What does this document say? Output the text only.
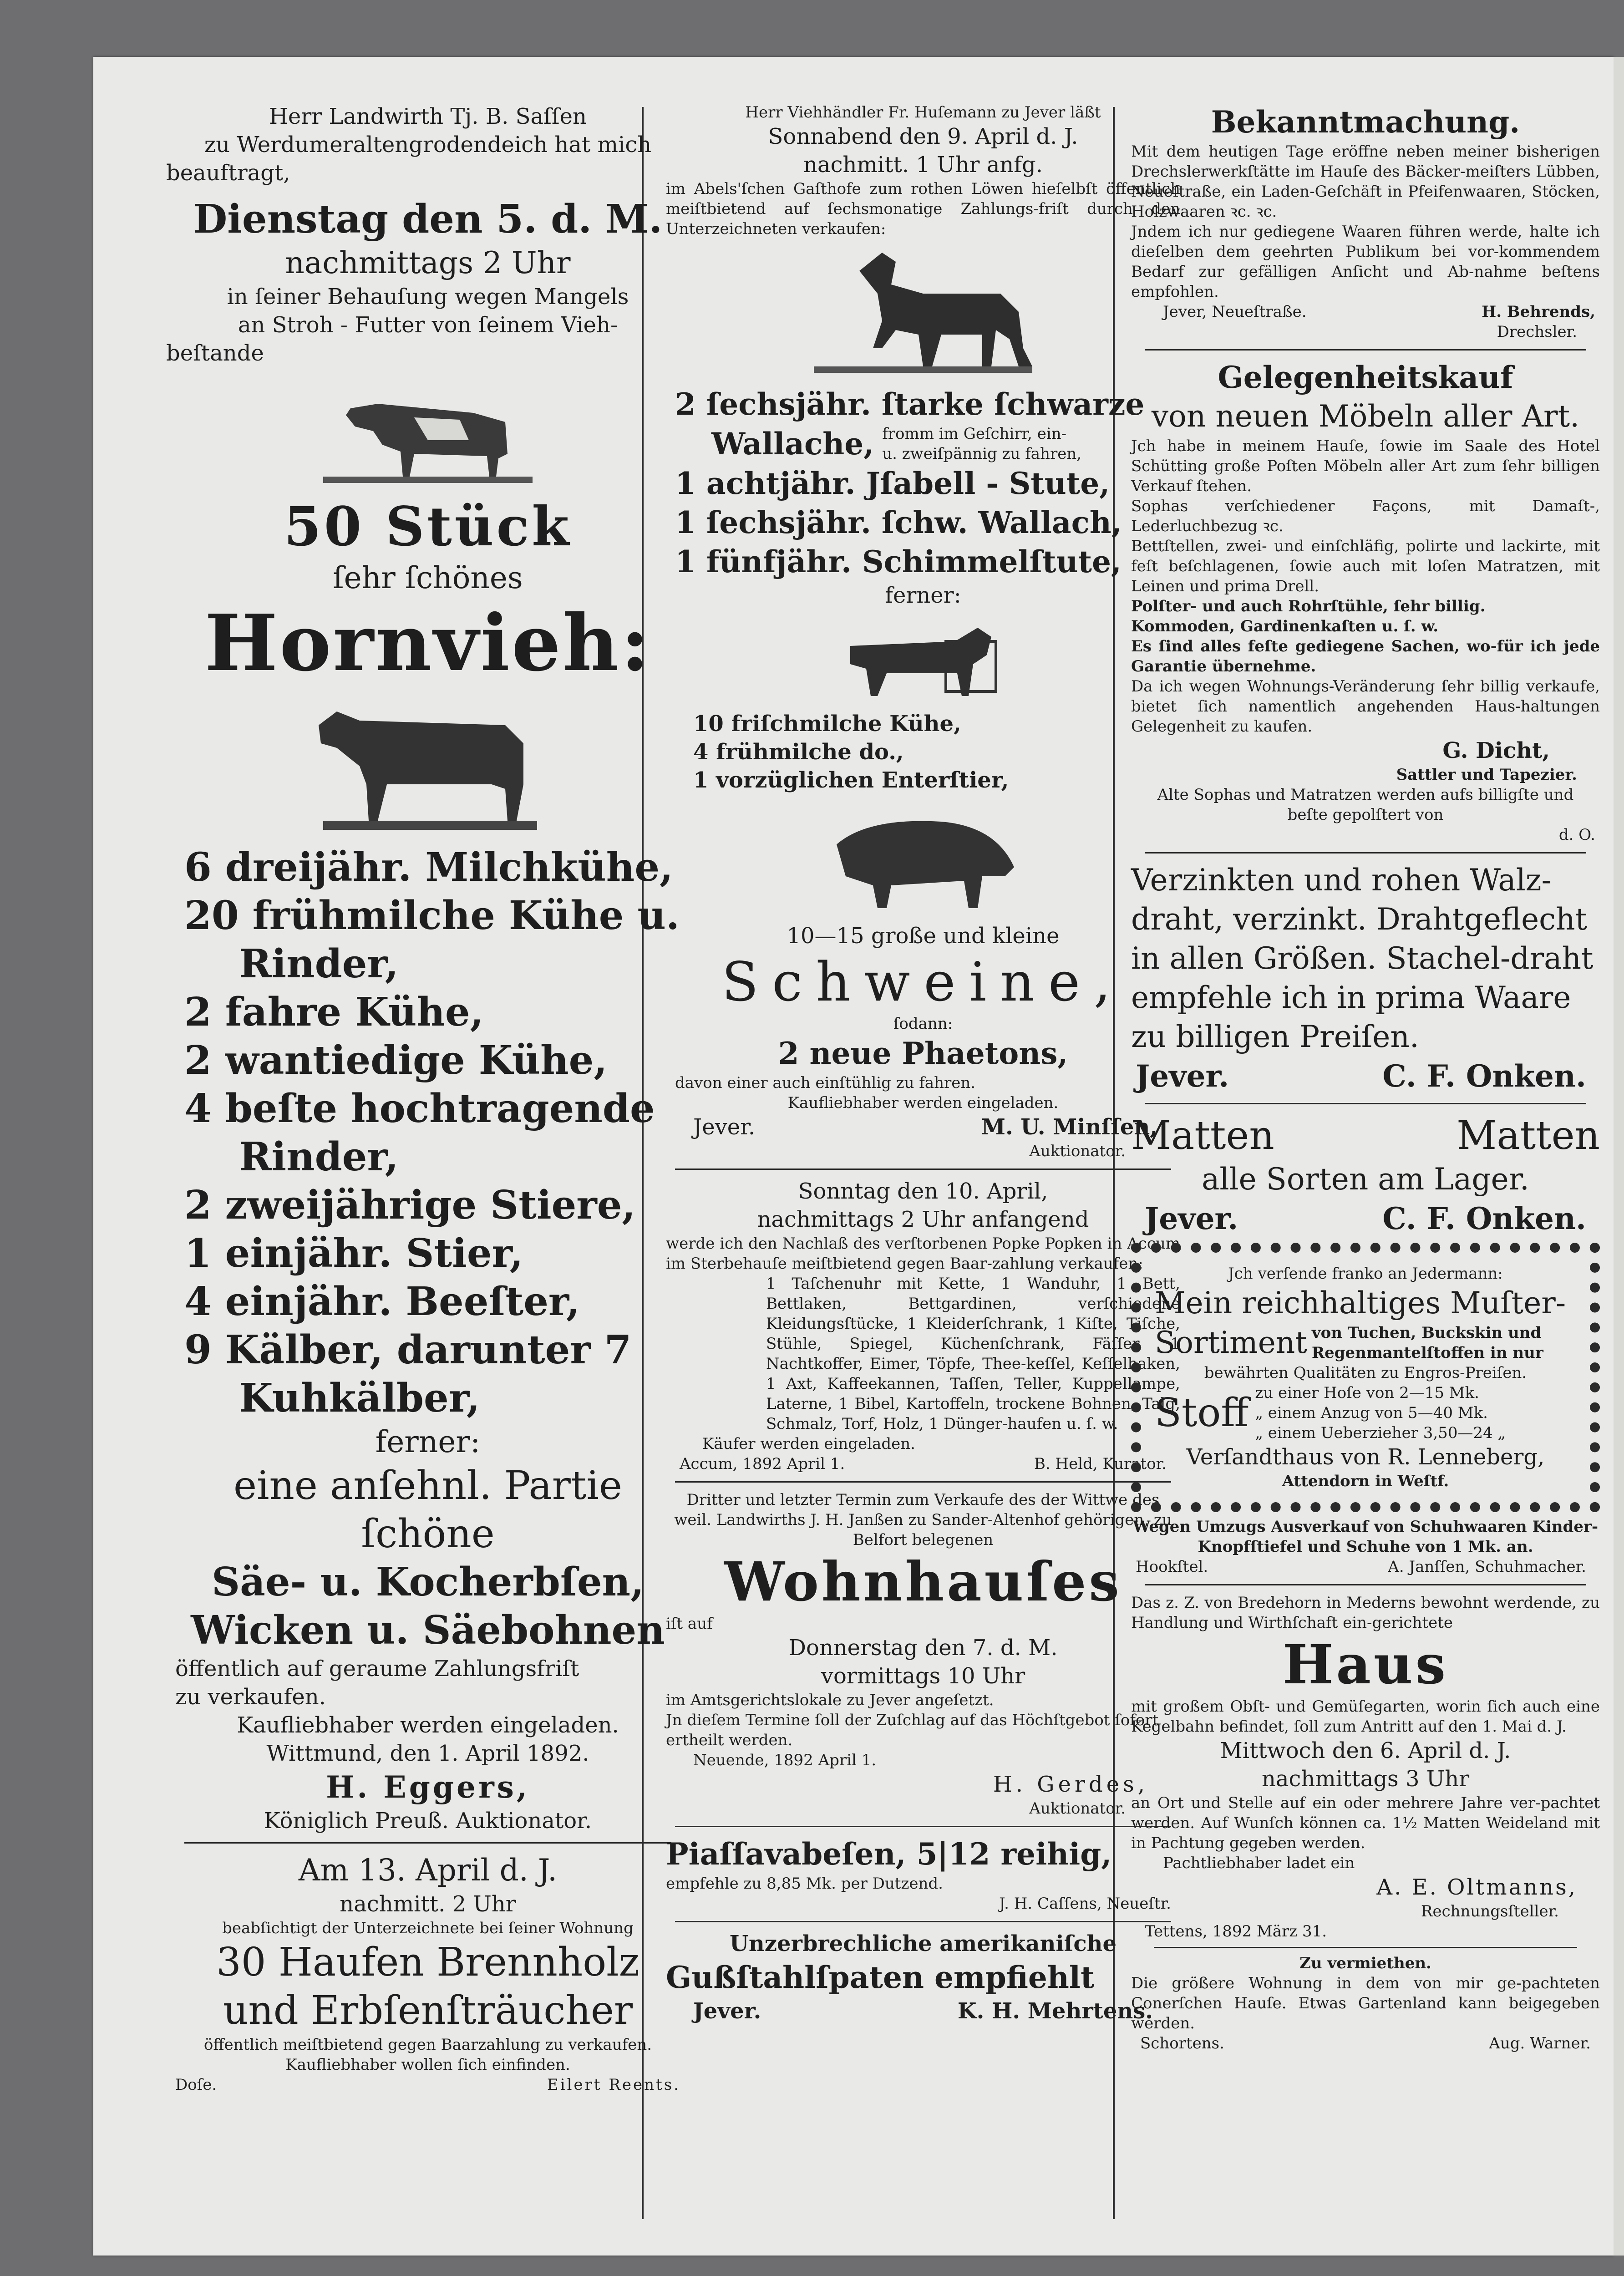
Herr Landwirth Tj. B. Saſſen

zu Werdumeraltengrodendeich hat mich

beauftragt,

Dienstag den 5. d. M.

nachmittags 2 Uhr

in ſeiner Behauſung wegen Mangels

an Stroh - Futter von ſeinem Vieh-

beſtande

50 Stück

ſehr ſchönes

Hornvieh:

6 dreijähr. Milchkühe,

20 frühmilche Kühe u.

Rinder,

2 fahre Kühe,

2 wantiedige Kühe,

4 beſte hochtragende

Rinder,

2 zweijährige Stiere,

1 einjähr. Stier,

4 einjähr. Beeſter,

9 Kälber, darunter 7

Kuhkälber,

ferner:

eine anſehnl. Partie ſchöne

Säe- u. Kocherbſen,

Wicken u. Säebohnen

öffentlich auf geraume Zahlungsfriſt

zu verkaufen.

Kaufliebhaber werden eingeladen.

Wittmund, den 1. April 1892.

H. Eggers,

Königlich Preuß. Auktionator.

Am 13. April d. J.

nachmitt. 2 Uhr

beabſichtigt der Unterzeichnete bei ſeiner Wohnung

30 Haufen Brennholz

und Erbſenſträucher

öffentlich meiſtbietend gegen Baarzahlung zu verkaufen.

Kaufliebhaber wollen ſich einfinden.

Doſe.	Eilert Reents.

Herr Viehhändler Fr. Huſemann zu Jever läßt

Sonnabend den 9. April d. J.

nachmitt. 1 Uhr anfg.

im Abels'ſchen Gaſthofe zum rothen Löwen hieſelbſt öffentlich meiſtbietend auf ſechsmonatige Zahlungs-friſt durch den Unterzeichneten verkaufen:

2 ſechsjähr. ſtarke ſchwarze

Wallache, fromm im Geſchirr, ein-

u. zweiſpännig zu fahren,

1 achtjähr. Jſabell - Stute,

1 ſechsjähr. ſchw. Wallach,

1 fünfjähr. Schimmelſtute,

ferner:

10 friſchmilche Kühe,

4 frühmilche do.,

1 vorzüglichen Enterſtier,

10—15 große und kleine

Schweine,

ſodann:

2 neue Phaetons,

davon einer auch einſtühlig zu fahren.

Kaufliebhaber werden eingeladen.

Jever.	M. U. Minſſen,

Auktionator.

Sonntag den 10. April,

nachmittags 2 Uhr anfangend

werde ich den Nachlaß des verſtorbenen Popke Popken in Accum im Sterbehauſe meiſtbietend gegen Baar-zahlung verkaufen:

1 Taſchenuhr mit Kette, 1 Wanduhr, 1 Bett, Bettlaken, Bettgardinen, verſchiedene Kleidungsſtücke, 1 Kleiderſchrank, 1 Kiſte, Tiſche, Stühle, Spiegel, Küchenſchrank, Fäſſer, 1 Nachtkoffer, Eimer, Töpfe, Thee-keſſel, Keſſelhaken, 1 Axt, Kaffeekannen, Taſſen, Teller, Kuppellampe, Laterne, 1 Bibel, Kartoffeln, trockene Bohnen, Talg, Schmalz, Torf, Holz, 1 Dünger-haufen u. ſ. w.

Käufer werden eingeladen.

Accum, 1892 April 1.	B. Held, Kurator.

Dritter und letzter Termin zum Verkaufe des der Wittwe des weil. Landwirths J. H. Janßen zu Sander-Altenhof gehörigen, zu Belfort belegenen

Wohnhauſes

iſt auf

Donnerstag den 7. d. M.

vormittags 10 Uhr

im Amtsgerichtslokale zu Jever angeſetzt.

Jn dieſem Termine ſoll der Zuſchlag auf das Höchſtgebot ſofort ertheilt werden.

Neuende, 1892 April 1.

H. Gerdes,

Auktionator.

Piaſſavabeſen, 5|12 reihig,

empfehle zu 8,85 Mk. per Dutzend.

J. H. Caſſens, Neueſtr.

Unzerbrechliche amerikaniſche

Gußſtahlſpaten empfiehlt

Jever.	K. H. Mehrtens.

Bekanntmachung.

Mit dem heutigen Tage eröffne neben meiner bisherigen Drechslerwerkſtätte im Hauſe des Bäcker-meiſters Lübben, Neueſtraße, ein Laden-Geſchäft in Pfeifenwaaren, Stöcken, Holzwaaren ꝛc. ꝛc.

Jndem ich nur gediegene Waaren führen werde, halte ich dieſelben dem geehrten Publikum bei vor-kommendem Bedarf zur gefälligen Anſicht und Ab-nahme beſtens empfohlen.

Jever, Neueſtraße.	H. Behrends,

Drechsler.

Gelegenheitskauf

von neuen Möbeln aller Art.

Jch habe in meinem Hauſe, ſowie im Saale des Hotel Schütting große Poſten Möbeln aller Art zum ſehr billigen Verkauf ſtehen.

Sophas verſchiedener Façons, mit Damaſt-, Lederluchbezug ꝛc.

Bettſtellen, zwei- und einſchläfig, polirte und lackirte, mit feſt beſchlagenen, ſowie auch mit loſen Matratzen, mit Leinen und prima Drell.

Polſter- und auch Rohrſtühle, ſehr billig.

Kommoden, Gardinenkaſten u. ſ. w.

Es ſind alles feſte gediegene Sachen, wo-für ich jede Garantie übernehme.

Da ich wegen Wohnungs-Veränderung ſehr billig verkaufe, bietet ſich namentlich angehenden Haus-haltungen Gelegenheit zu kaufen.

G. Dicht,

Sattler und Tapezier.

Alte Sophas und Matratzen werden aufs billigſte und beſte gepolſtert von

d. O.

Verzinkten und rohen Walz-draht, verzinkt. Drahtgeflecht in allen Größen. Stachel-draht empfehle ich in prima Waare zu billigen Preiſen.

Jever.	C. F. Onken.
Matten	Matten

alle Sorten am Lager.

Jever.	C. F. Onken.

Jch verſende franko an Jedermann:

Mein reichhaltiges Muſter-

Sortiment von Tuchen, Buckskin und Regenmantelſtoffen in nur

bewährten Qualitäten zu Engros-Preiſen.

Stoff zu einer Hoſe von 2—15 Mk.

„ einem Anzug von 5—40 Mk.

„ einem Ueberzieher 3,50—24 „

Verſandthaus von R. Lenneberg,

Attendorn in Weſtf.

Wegen Umzugs Ausverkauf von Schuhwaaren Kinder-Knopfſtiefel und Schuhe von 1 Mk. an.

Hookſtel.	A. Janſſen, Schuhmacher.

Das z. Z. von Bredehorn in Mederns bewohnt werdende, zu Handlung und Wirthſchaft ein-gerichtete

Haus

mit großem Obſt- und Gemüſegarten, worin ſich auch eine Kegelbahn befindet, ſoll zum Antritt auf den 1. Mai d. J.

Mittwoch den 6. April d. J.

nachmittags 3 Uhr

an Ort und Stelle auf ein oder mehrere Jahre ver-pachtet werden. Auf Wunſch können ca. 1½ Matten Weideland mit in Pachtung gegeben werden.

Pachtliebhaber ladet ein

A. E. Oltmanns,

Rechnungsſteller.

Tettens, 1892 März 31.

Zu vermiethen.

Die größere Wohnung in dem von mir ge-pachteten Conerſchen Hauſe. Etwas Gartenland kann beigegeben werden.

Schortens.	Aug. Warner.
